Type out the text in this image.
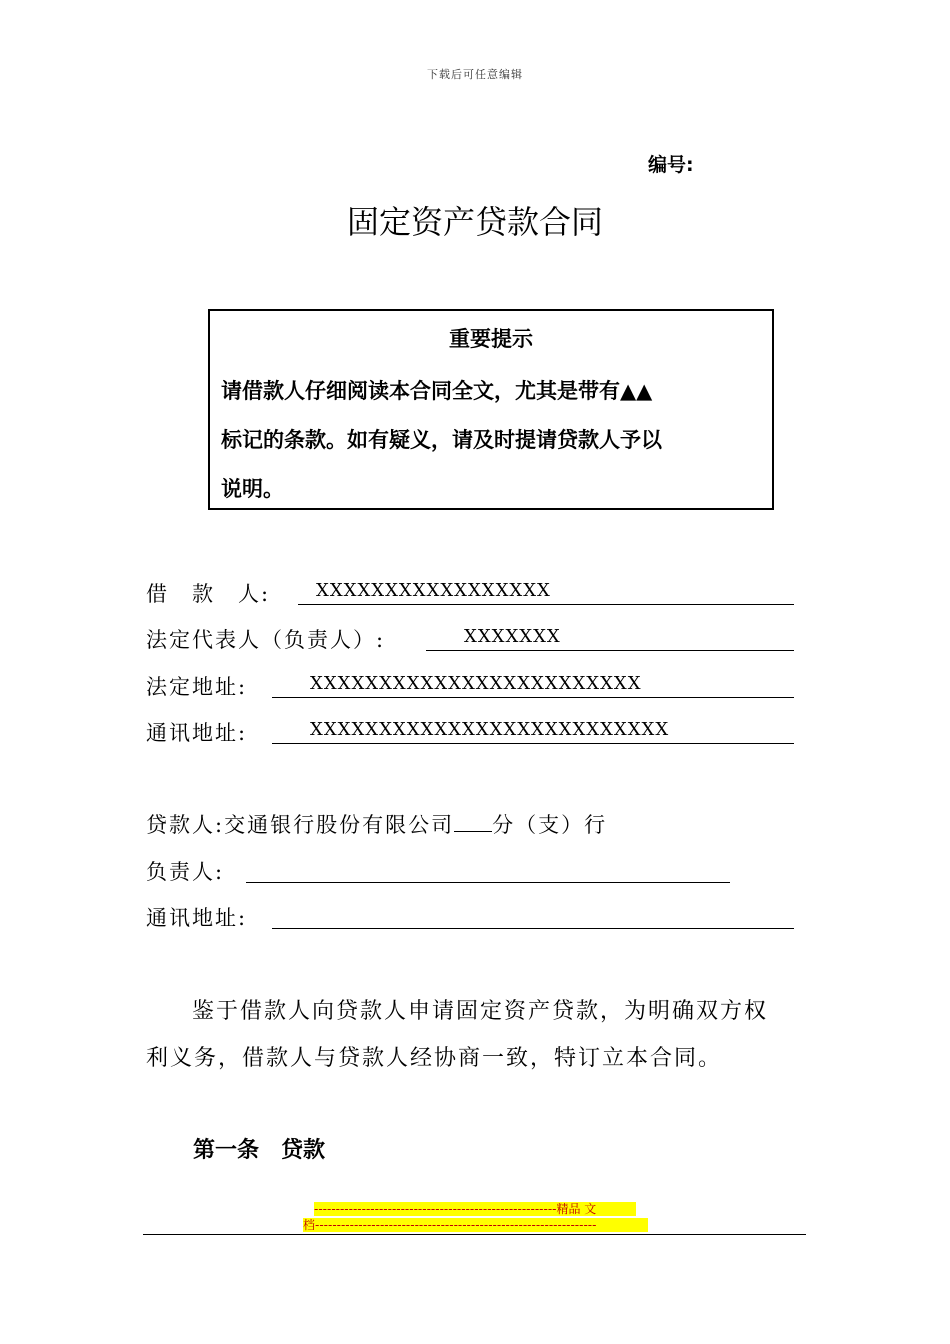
下载后可任意编辑
编号:
固定资产贷款合同
重要提示
请借款人仔细阅读本合同全文，尤其是带有▲▲
标记的条款。如有疑义，请及时提请贷款人予以
说明。
借　款　人:	XXXXXXXXXXXXXXXXX
法定代表人（负责人）:	XXXXXXX
法定地址:	XXXXXXXXXXXXXXXXXXXXXXXX
通讯地址:	XXXXXXXXXXXXXXXXXXXXXXXXXX
贷款人:交通银行股份有限公司 分（支）行
负责人:
通讯地址:
鉴于借款人向贷款人申请固定资产贷款，为明确双方权
利义务，借款人与贷款人经协商一致，特订立本合同。
第一条 贷款
--------------------------------------------------------精品 文
档-----------------------------------------------------------------
